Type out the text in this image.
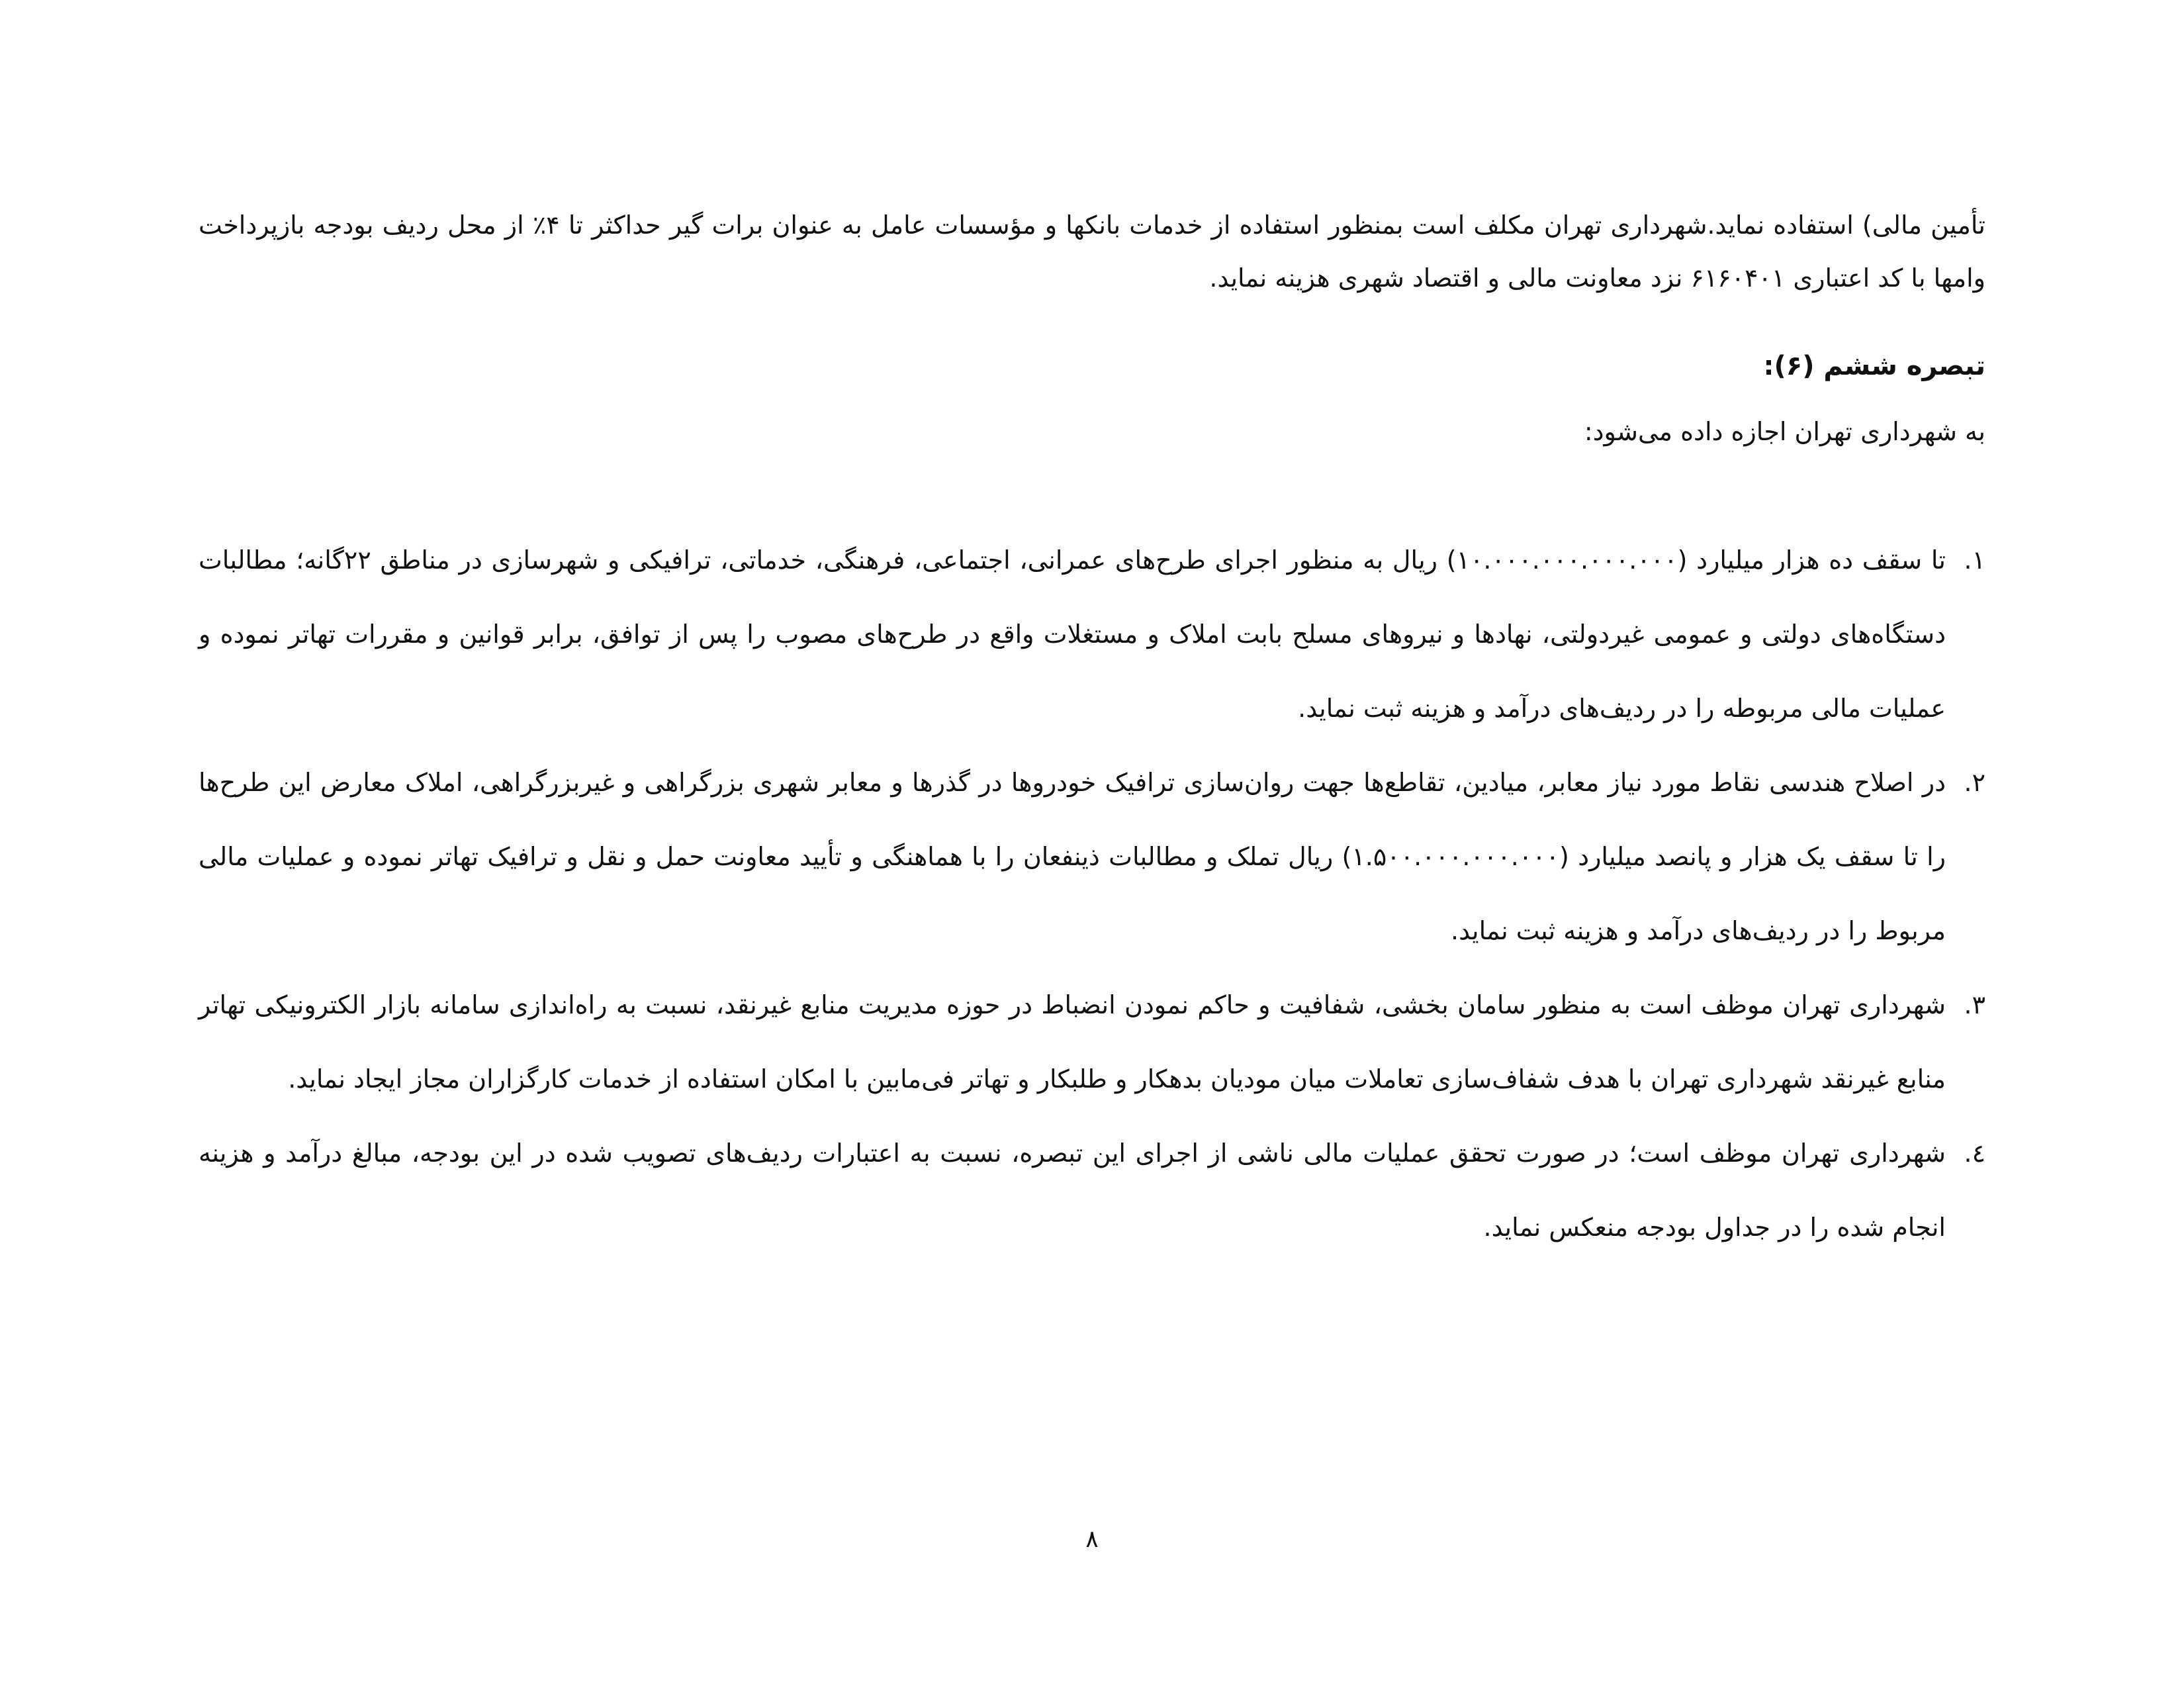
تأمین مالی) استفاده نماید.شهرداری تهران مکلف است بمنظور استفاده از خدمات بانکها و مؤسسات عامل به عنوان برات گیر حداکثر تا ۴٪ از محل ردیف بودجه بازپرداخت وامها با کد اعتباری ۶۱۶۰۴۰۱ نزد معاونت مالی و اقتصاد شهری هزینه نماید.

تبصره ششم (۶):

به شهرداری تهران اجازه داده می‌شود:

۱.
تا سقف ده هزار میلیارد (۱۰.۰۰۰.۰۰۰.۰۰۰.۰۰۰) ریال به منظور اجرای طرح‌های عمرانی، اجتماعی، فرهنگی، خدماتی، ترافیکی و شهرسازی در مناطق ۲۲گانه؛ مطالبات دستگاه‌های دولتی و عمومی غیردولتی، نهادها و نیروهای مسلح بابت املاک و مستغلات واقع در طرح‌های مصوب را پس از توافق، برابر قوانین و مقررات تهاتر نموده و عملیات مالی مربوطه را در ردیف‌های درآمد و هزینه ثبت نماید.
۲.
در اصلاح هندسی نقاط مورد نیاز معابر، میادین، تقاطع‌ها جهت روان‌سازی ترافیک خودروها در گذرها و معابر شهری بزرگراهی و غیربزرگراهی، املاک معارض این طرح‌ها را تا سقف یک هزار و پانصد میلیارد (۱.۵۰۰.۰۰۰.۰۰۰.۰۰۰) ریال تملک و مطالبات ذینفعان را با هماهنگی و تأیید معاونت حمل و نقل و ترافیک تهاتر نموده و عملیات مالی مربوط را در ردیف‌های درآمد و هزینه ثبت نماید.
۳.
شهرداری تهران موظف است به منظور سامان بخشی، شفافیت و حاکم نمودن انضباط در حوزه مدیریت منابع غیرنقد، نسبت به راه‌اندازی سامانه بازار الکترونیکی تهاتر منابع غیرنقد شهرداری تهران با هدف شفاف‌سازی تعاملات میان مودیان بدهکار و طلبکار و تهاتر فی‌مابین با امکان استفاده از خدمات کارگزاران مجاز ایجاد نماید.
٤.
شهرداری تهران موظف است؛ در صورت تحقق عملیات مالی ناشی از اجرای این تبصره، نسبت به اعتبارات ردیف‌های تصویب شده در این بودجه، مبالغ درآمد و هزینه انجام شده را در جداول بودجه منعکس نماید.
۸
